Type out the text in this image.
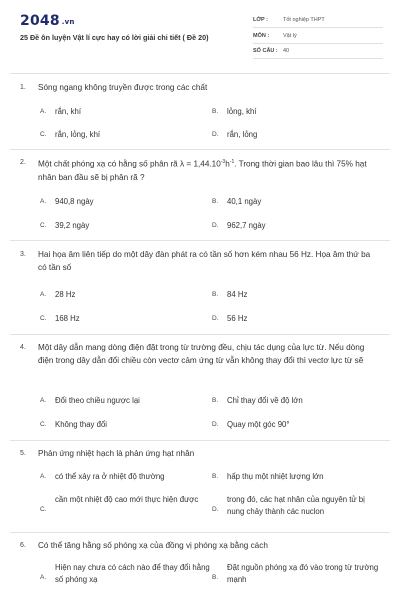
2048 .vn
25 Đề ôn luyện Vật lí cực hay có lời giải chi tiết ( Đề 20)
LỚP :	Tốt nghiệp THPT
MÔN :	Vật lý
SỐ CÂU : 40
1. Sóng ngang không truyền được trong các chất
A. rắn, khí	B. lỏng, khí
C. rắn, lỏng, khí	D. rắn, lỏng
2. Một chất phóng xạ có hằng số phân rã $\lambda = 1,44.10^{-3}h^{-1}$. Trong thời gian bao lâu thì 75% hạt nhân ban đầu sẽ bị phân rã ?
A. 940,8 ngày	B. 40,1 ngày
C. 39,2 ngày	D. 962,7 ngày
3. Hai họa âm liên tiếp do một dây đàn phát ra có tần số hơn kém nhau 56 Hz. Họa âm thứ ba có tần số
A. 28 Hz	B. 84 Hz
C. 168 Hz	D. 56 Hz
4. Một dây dẫn mang dòng điện đặt trong từ trường đều, chịu tác dụng của lực từ. Nếu dòng điện trong dây dẫn đổi chiều còn vectơ cảm ứng từ vẫn không thay đổi thì vectơ lực từ sẽ
A. Đổi theo chiều ngược lại	B. Chỉ thay đổi về độ lớn
C. Không thay đổi	D. Quay một góc 90°
5. Phản ứng nhiệt hạch là phản ứng hạt nhân
A. có thể xảy ra ở nhiệt độ thường	B. hấp thụ một nhiệt lượng lớn
C.
cần một nhiệt độ cao mới thực hiện được
D.
trong đó, các hạt nhân của nguyên tử bị nung chảy thành các nuclon
6. Có thể tăng hằng số phóng xạ của đồng vị phóng xạ bằng cách
A.
Hiện nay chưa có cách nào để thay đổi hằng số phóng xạ	B.
Đặt nguồn phóng xạ đó vào trong từ trường mạnh
